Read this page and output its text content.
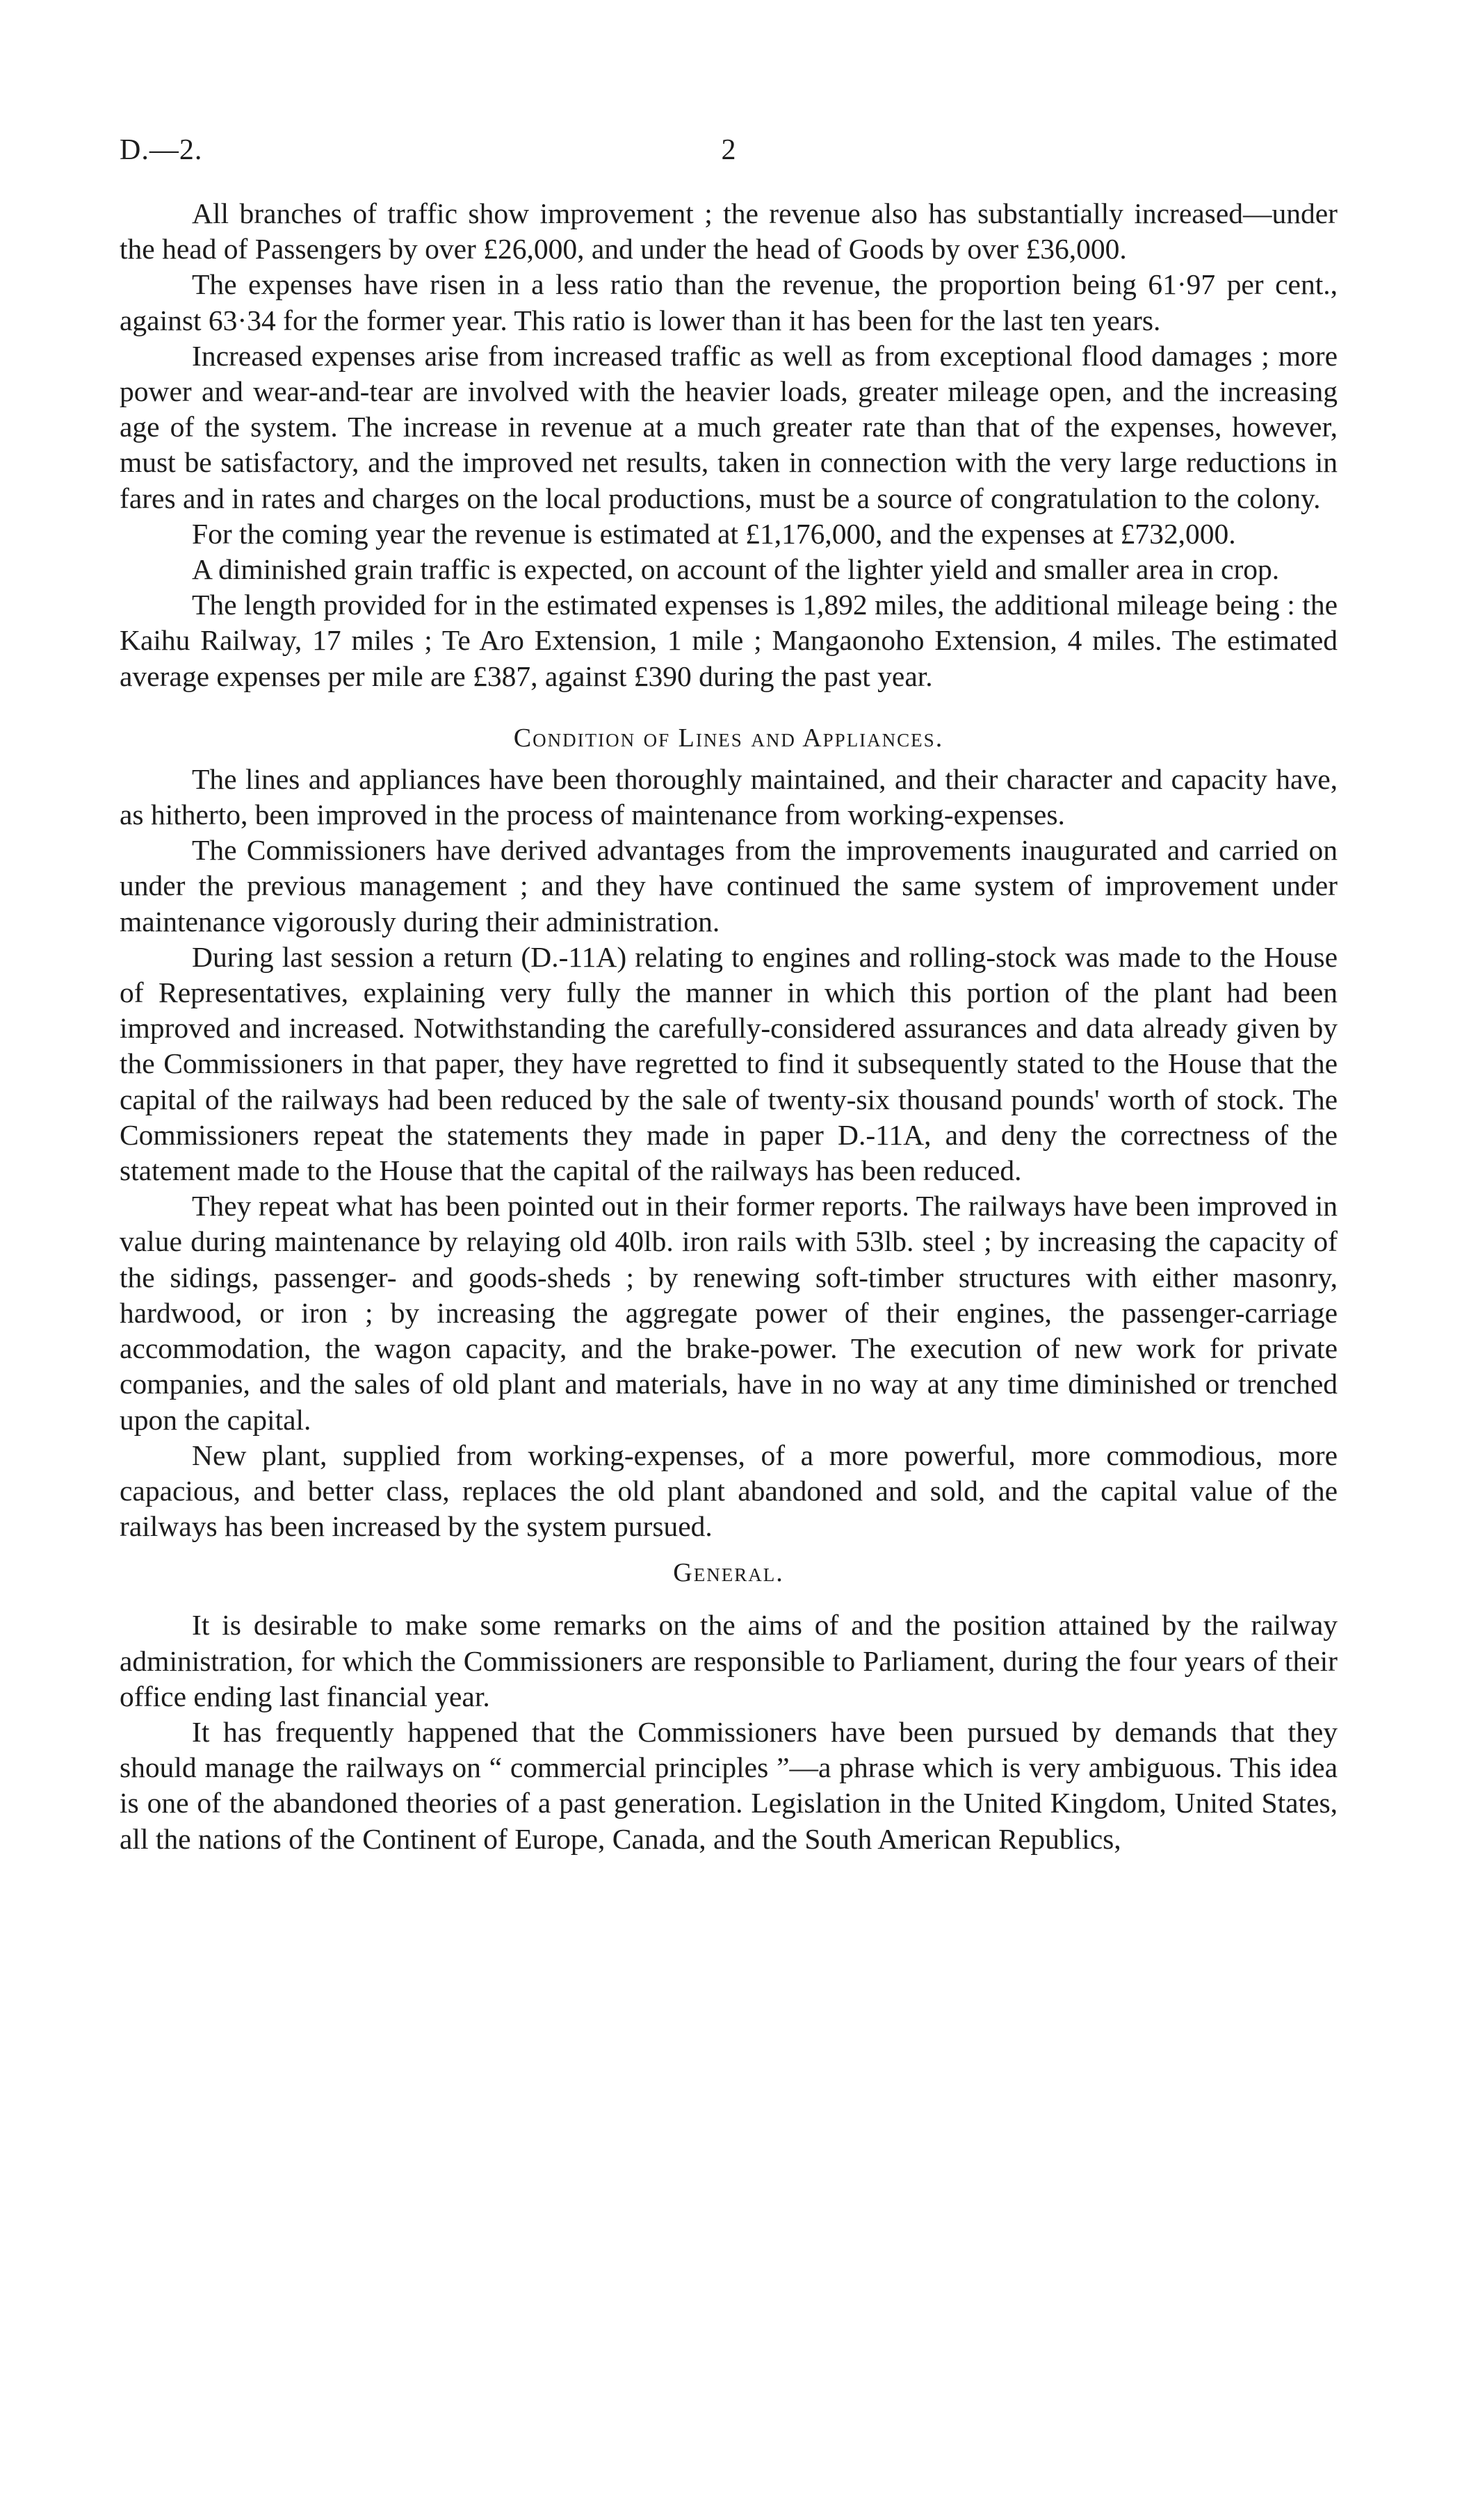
D.—2.	2

All branches of traffic show improvement ; the revenue also has substantially increased—under the head of Passengers by over £26,000, and under the head of Goods by over £36,000.

The expenses have risen in a less ratio than the revenue, the proportion being 61·97 per cent., against 63·34 for the former year. This ratio is lower than it has been for the last ten years.

Increased expenses arise from increased traffic as well as from exceptional flood damages ; more power and wear-and-tear are involved with the heavier loads, greater mileage open, and the increasing age of the system. The increase in revenue at a much greater rate than that of the expenses, however, must be satisfactory, and the improved net results, taken in connection with the very large reductions in fares and in rates and charges on the local productions, must be a source of congratulation to the colony.

For the coming year the revenue is estimated at £1,176,000, and the expenses at £732,000.

A diminished grain traffic is expected, on account of the lighter yield and smaller area in crop.

The length provided for in the estimated expenses is 1,892 miles, the additional mileage being : the Kaihu Railway, 17 miles ; Te Aro Extension, 1 mile ; Mangaonoho Extension, 4 miles. The estimated average expenses per mile are £387, against £390 during the past year.

Condition of Lines and Appliances.

The lines and appliances have been thoroughly maintained, and their character and capacity have, as hitherto, been improved in the process of maintenance from working-expenses.

The Commissioners have derived advantages from the improvements inaugurated and carried on under the previous management ; and they have continued the same system of improvement under maintenance vigorously during their administration.

During last session a return (D.-11A) relating to engines and rolling-stock was made to the House of Representatives, explaining very fully the manner in which this portion of the plant had been improved and increased. Notwithstanding the carefully-considered assurances and data already given by the Commissioners in that paper, they have regretted to find it subsequently stated to the House that the capital of the railways had been reduced by the sale of twenty-six thousand pounds' worth of stock. The Commissioners repeat the statements they made in paper D.-11A, and deny the correctness of the statement made to the House that the capital of the railways has been reduced.

They repeat what has been pointed out in their former reports. The railways have been improved in value during maintenance by relaying old 40lb. iron rails with 53lb. steel ; by increasing the capacity of the sidings, passenger- and goods-sheds ; by renewing soft-timber structures with either masonry, hardwood, or iron ; by increasing the aggregate power of their engines, the passenger-carriage accommodation, the wagon capacity, and the brake-power. The execution of new work for private companies, and the sales of old plant and materials, have in no way at any time diminished or trenched upon the capital.

New plant, supplied from working-expenses, of a more powerful, more commodious, more capacious, and better class, replaces the old plant abandoned and sold, and the capital value of the railways has been increased by the system pursued.

General.

It is desirable to make some remarks on the aims of and the position attained by the railway administration, for which the Commissioners are responsible to Parliament, during the four years of their office ending last financial year.

It has frequently happened that the Commissioners have been pursued by demands that they should manage the railways on “ commercial principles ”—a phrase which is very ambiguous. This idea is one of the abandoned theories of a past generation. Legislation in the United Kingdom, United States, all the nations of the Continent of Europe, Canada, and the South American Republics,
